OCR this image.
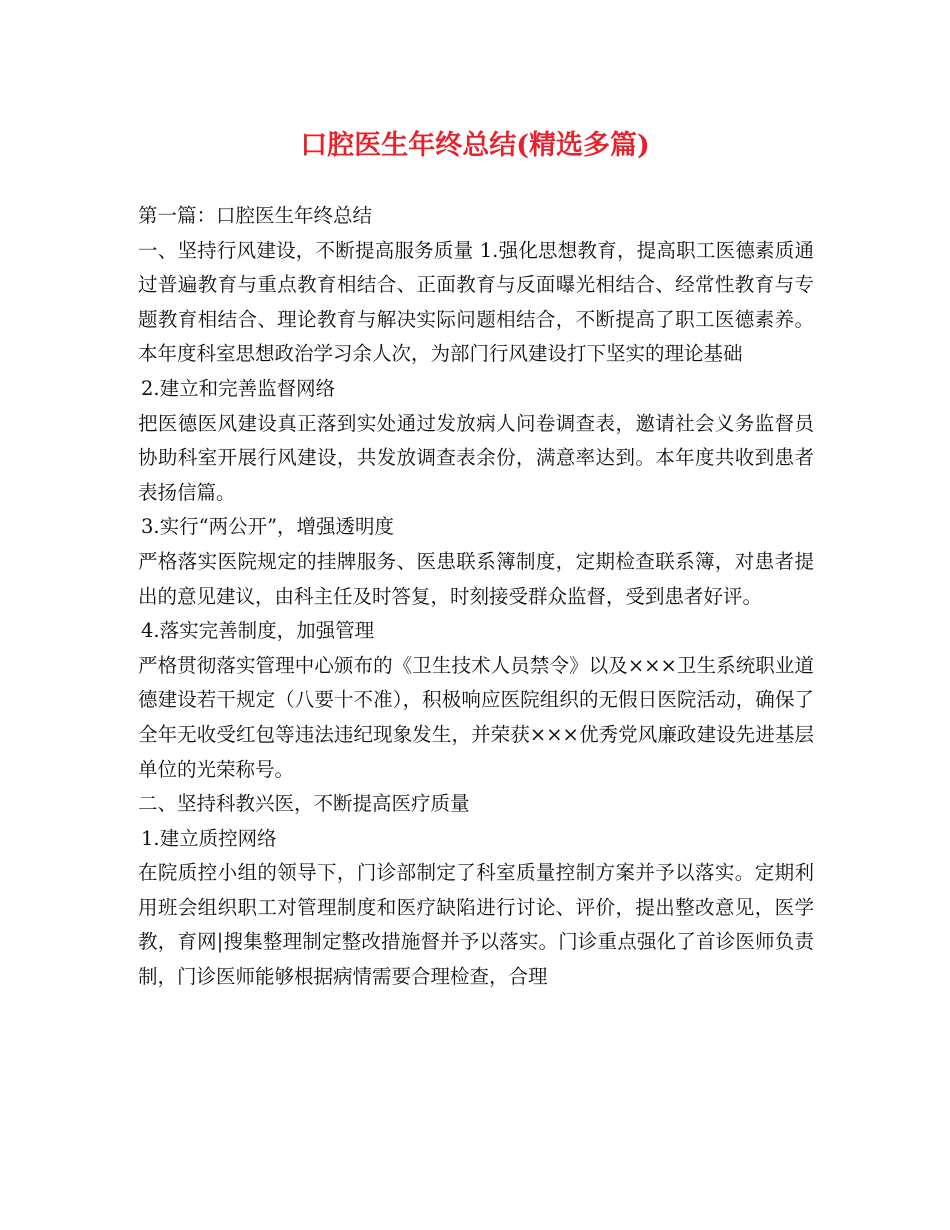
口腔医生年终总结(精选多篇)

第一篇：口腔医生年终总结

一、坚持行风建设，不断提高服务质量 1.强化思想教育，提高职工医德素质通过普遍教育与重点教育相结合、正面教育与反面曝光相结合、经常性教育与专题教育相结合、理论教育与解决实际问题相结合，不断提高了职工医德素养。本年度科室思想政治学习余人次，为部门行风建设打下坚实的理论基础

2.建立和完善监督网络

把医德医风建设真正落到实处通过发放病人问卷调查表，邀请社会义务监督员协助科室开展行风建设，共发放调查表余份，满意率达到。本年度共收到患者表扬信篇。

3.实行“两公开”，增强透明度

严格落实医院规定的挂牌服务、医患联系簿制度，定期检查联系簿，对患者提出的意见建议，由科主任及时答复，时刻接受群众监督，受到患者好评。

4.落实完善制度，加强管理

严格贯彻落实管理中心颁布的《卫生技术人员禁令》以及×××卫生系统职业道德建设若干规定（八要十不准），积极响应医院组织的无假日医院活动，确保了全年无收受红包等违法违纪现象发生，并荣获×××优秀党风廉政建设先进基层单位的光荣称号。

二、坚持科教兴医，不断提高医疗质量

1.建立质控网络

在院质控小组的领导下，门诊部制定了科室质量控制方案并予以落实。定期利用班会组织职工对管理制度和医疗缺陷进行讨论、评价，提出整改意见，医学教，育网|搜集整理制定整改措施督并予以落实。门诊重点强化了首诊医师负责制，门诊医师能够根据病情需要合理检查，合理
